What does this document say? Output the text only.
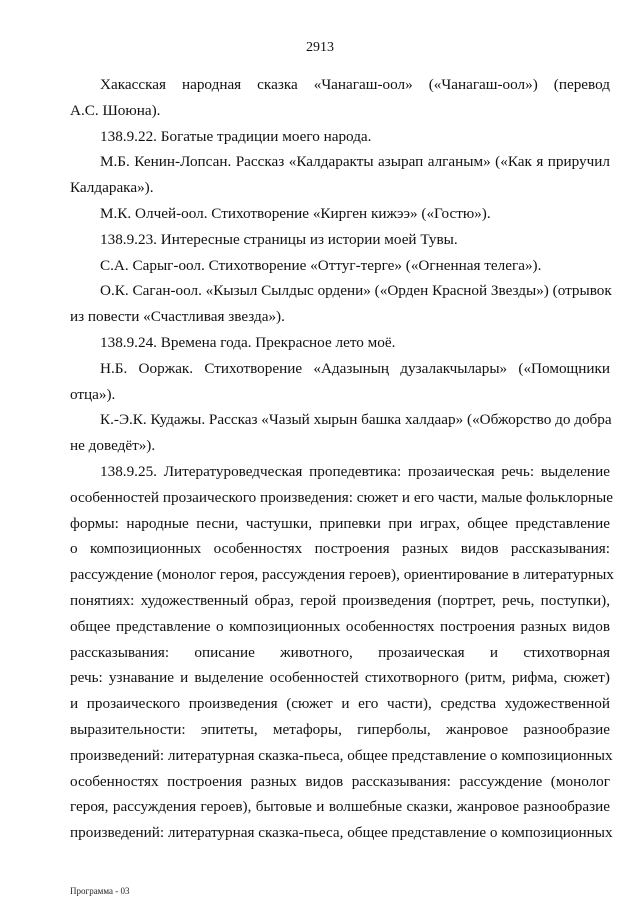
2913
Хакасская народная сказка «Чанагаш-оол» («Чанагаш-оол») (перевод
А.С. Шоюна).
138.9.22. Богатые традиции моего народа.
М.Б. Кенин-Лопсан. Рассказ «Калдаракты азырап алганым» («Как я приручил
Калдарака»).
М.К. Олчей-оол. Стихотворение «Кирген кижээ» («Гостю»).
138.9.23. Интересные страницы из истории моей Тувы.
С.А. Сарыг-оол. Стихотворение «Оттуг-терге» («Огненная телега»).
О.К. Саган-оол. «Кызыл Сылдыс ордени» («Орден Красной Звезды») (отрывок
из повести «Счастливая звезда»).
138.9.24. Времена года. Прекрасное лето моё.
Н.Б. Ооржак. Стихотворение «Адазының дузалакчылары» («Помощники
отца»).
К.-Э.К. Кудажы. Рассказ «Чазый хырын башка халдаар» («Обжорство до добра
не доведёт»).
138.9.25. Литературоведческая пропедевтика: прозаическая речь: выделение
особенностей прозаического произведения: сюжет и его части, малые фольклорные
формы: народные песни, частушки, припевки при играх, общее представление
о композиционных особенностях построения разных видов рассказывания:
рассуждение (монолог героя, рассуждения героев), ориентирование в литературных
понятиях: художественный образ, герой произведения (портрет, речь, поступки),
общее представление о композиционных особенностях построения разных видов
рассказывания: описание животного, прозаическая и стихотворная
речь: узнавание и выделение особенностей стихотворного (ритм, рифма, сюжет)
и прозаического произведения (сюжет и его части), средства художественной
выразительности: эпитеты, метафоры, гиперболы, жанровое разнообразие
произведений: литературная сказка-пьеса, общее представление о композиционных
особенностях построения разных видов рассказывания: рассуждение (монолог
героя, рассуждения героев), бытовые и волшебные сказки, жанровое разнообразие
произведений: литературная сказка-пьеса, общее представление о композиционных
Программа - 03
